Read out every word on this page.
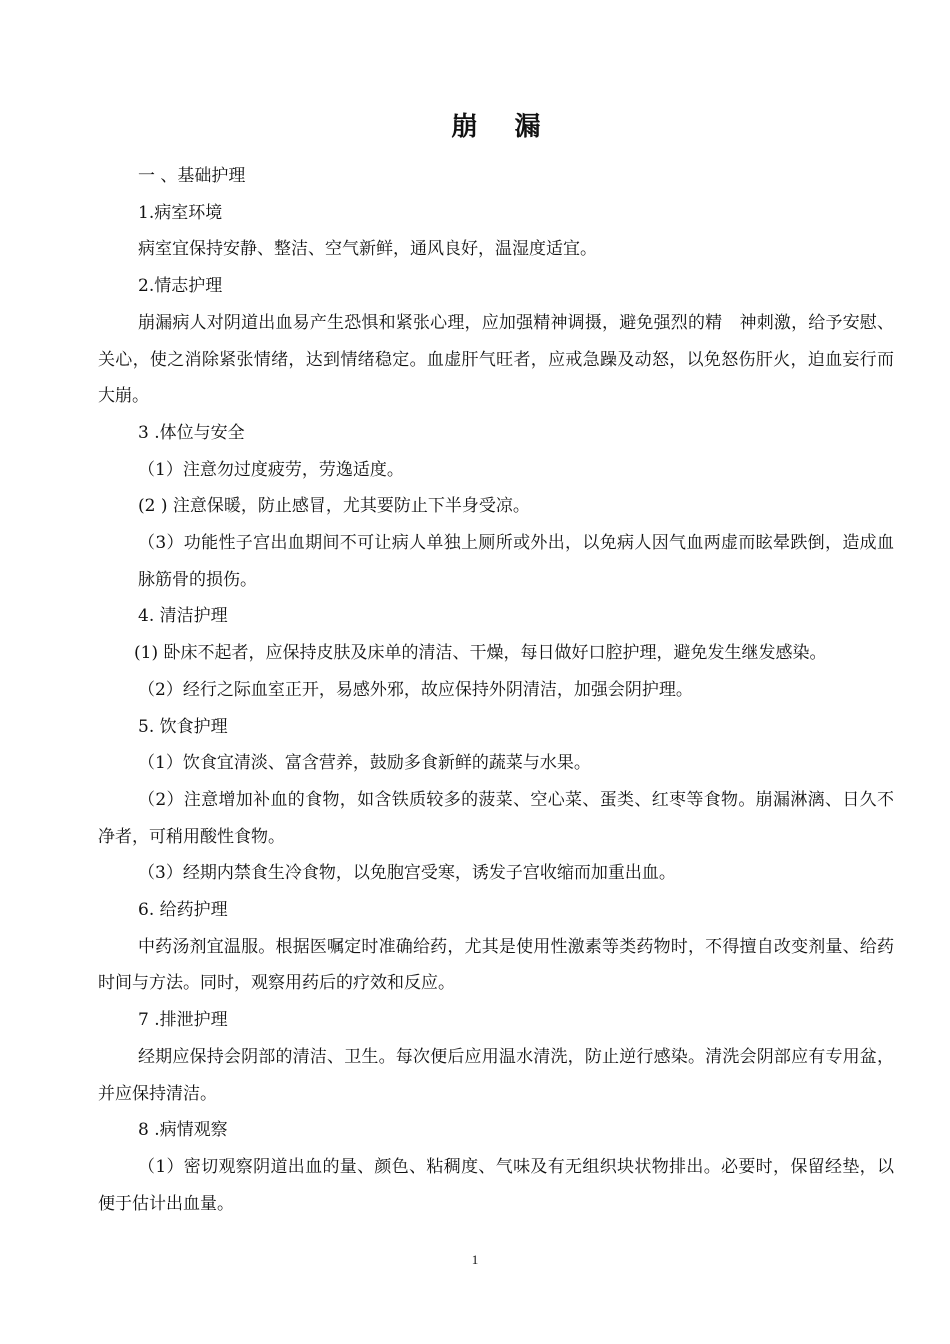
崩 漏

一 、基础护理

1.病室环境

病室宜保持安静、整洁、空气新鲜，通风良好，温湿度适宜。

2.情志护理

崩漏病人对阴道出血易产生恐惧和紧张心理，应加强精神调摄，避免强烈的精　神刺激，给予安慰、关心，使之消除紧张情绪，达到情绪稳定。血虚肝气旺者，应戒急躁及动怒，以免怒伤肝火，迫血妄行而大崩。

3 .体位与安全

（1）注意勿过度疲劳，劳逸适度。

(2 ) 注意保暖，防止感冒，尤其要防止下半身受凉。

（3）功能性子宫出血期间不可让病人单独上厕所或外出，以免病人因气血两虚而眩晕跌倒，造成血脉筋骨的损伤。

4. 清洁护理

(1) 卧床不起者，应保持皮肤及床单的清洁、干燥，每日做好口腔护理，避免发生继发感染。

（2）经行之际血室正开，易感外邪，故应保持外阴清洁，加强会阴护理。

5. 饮食护理

（1）饮食宜清淡、富含营养，鼓励多食新鲜的蔬菜与水果。

（2）注意增加补血的食物，如含铁质较多的菠菜、空心菜、蛋类、红枣等食物。崩漏淋漓、日久不净者，可稍用酸性食物。

（3）经期内禁食生冷食物，以免胞宫受寒，诱发子宫收缩而加重出血。

6. 给药护理

中药汤剂宜温服。根据医嘱定时准确给药，尤其是使用性激素等类药物时，不得擅自改变剂量、给药时间与方法。同时，观察用药后的疗效和反应。

7 .排泄护理

经期应保持会阴部的清洁、卫生。每次便后应用温水清洗，防止逆行感染。清洗会阴部应有专用盆，并应保持清洁。

8 .病情观察

（1）密切观察阴道出血的量、颜色、粘稠度、气味及有无组织块状物排出。必要时，保留经垫，以便于估计出血量。

1
